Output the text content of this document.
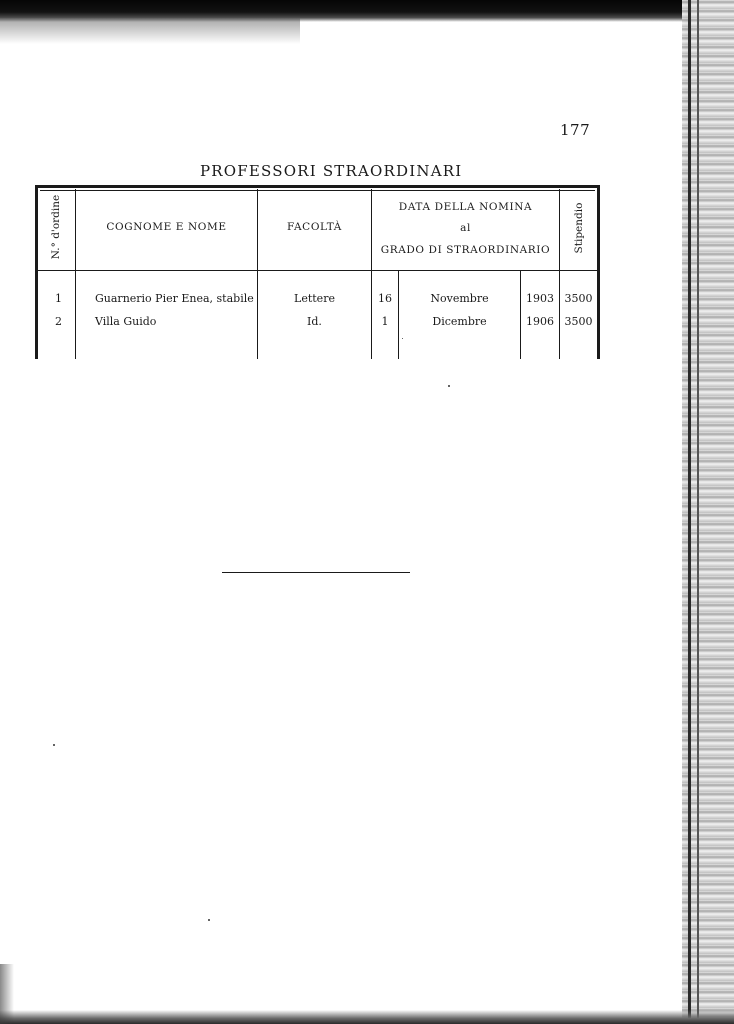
177
PROFESSORI STRAORDINARI
N.° d'ordine	COGNOME E NOME	FACOLTÀ
DATA DELLA NOMINA
al
GRADO DI STRAORDINARIO	Stipendio
1	Guarnerio Pier Enea, stabile	Lettere	16	Novembre	1903 3500
2	Villa Guido	Id.	1	Dicembre	1906 3500
